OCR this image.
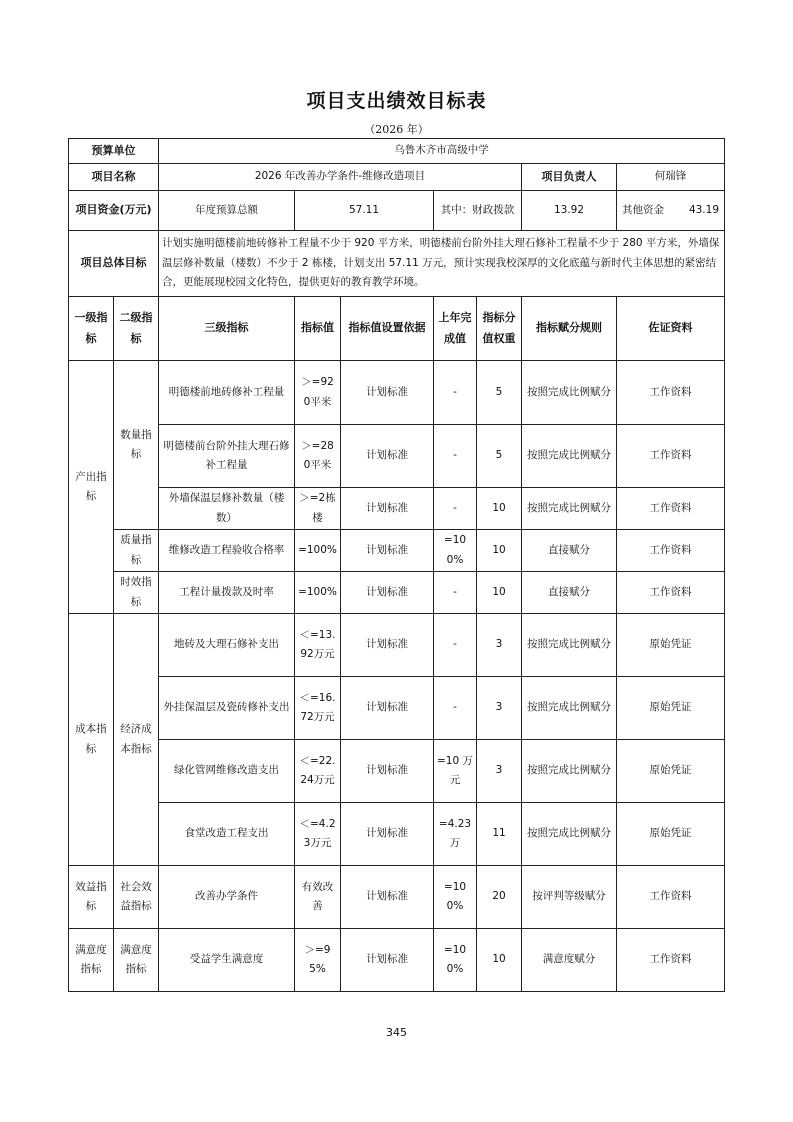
项目支出绩效目标表
（2026 年）
预算单位		乌鲁木齐市高级中学						
项目名称		2026 年改善办学条件-维修改造项目					项目负责人	何瑞锋
项目资金(万元)		年度预算总额	57.11		其中：财政拨款		13.92	其他资金 43.19

项目总体目标		计划实施明德楼前地砖修补工程量不少于 920 平方米，明德楼前台阶外挂大理石修补工程量不少于 280 平方米，外墙保温层修补数量（楼数）不少于 2 栋楼，计划支出 57.11 万元，预计实现我校深厚的文化底蕴与新时代主体思想的紧密结合，更能展现校园文化特色，提供更好的教育教学环境。						
一级指标	二级指标	三级指标	指标值	指标值设置依据	上年完成值	指标分值权重	指标赋分规则	佐证资料
产出指标	数量指标	明德楼前地砖修补工程量	＞=920平米	计划标准	-	5	按照完成比例赋分	工作资料
		明德楼前台阶外挂大理石修补工程量	＞=280平米	计划标准	-	5	按照完成比例赋分	工作资料
		外墙保温层修补数量（楼数）	＞=2栋楼	计划标准	-	10	按照完成比例赋分	工作资料
	质量指标	维修改造工程验收合格率	=100%	计划标准	=100%	10	直接赋分	工作资料
	时效指标	工程计量拨款及时率	=100%	计划标准	-	10	直接赋分	工作资料
成本指标	经济成本指标	地砖及大理石修补支出	＜=13.92万元	计划标准	-	3	按照完成比例赋分	原始凭证
		外挂保温层及瓷砖修补支出	＜=16.72万元	计划标准	-	3	按照完成比例赋分	原始凭证
		绿化管网维修改造支出	＜=22.24万元	计划标准	=10 万元	3	按照完成比例赋分	原始凭证
		食堂改造工程支出	＜=4.23万元	计划标准	=4.23万	11	按照完成比例赋分	原始凭证
效益指标	社会效益指标	改善办学条件	有效改善	计划标准	=100%	20	按评判等级赋分	工作资料
满意度指标	满意度指标	受益学生满意度	＞=95%	计划标准	=100%	10	满意度赋分	工作资料
345
